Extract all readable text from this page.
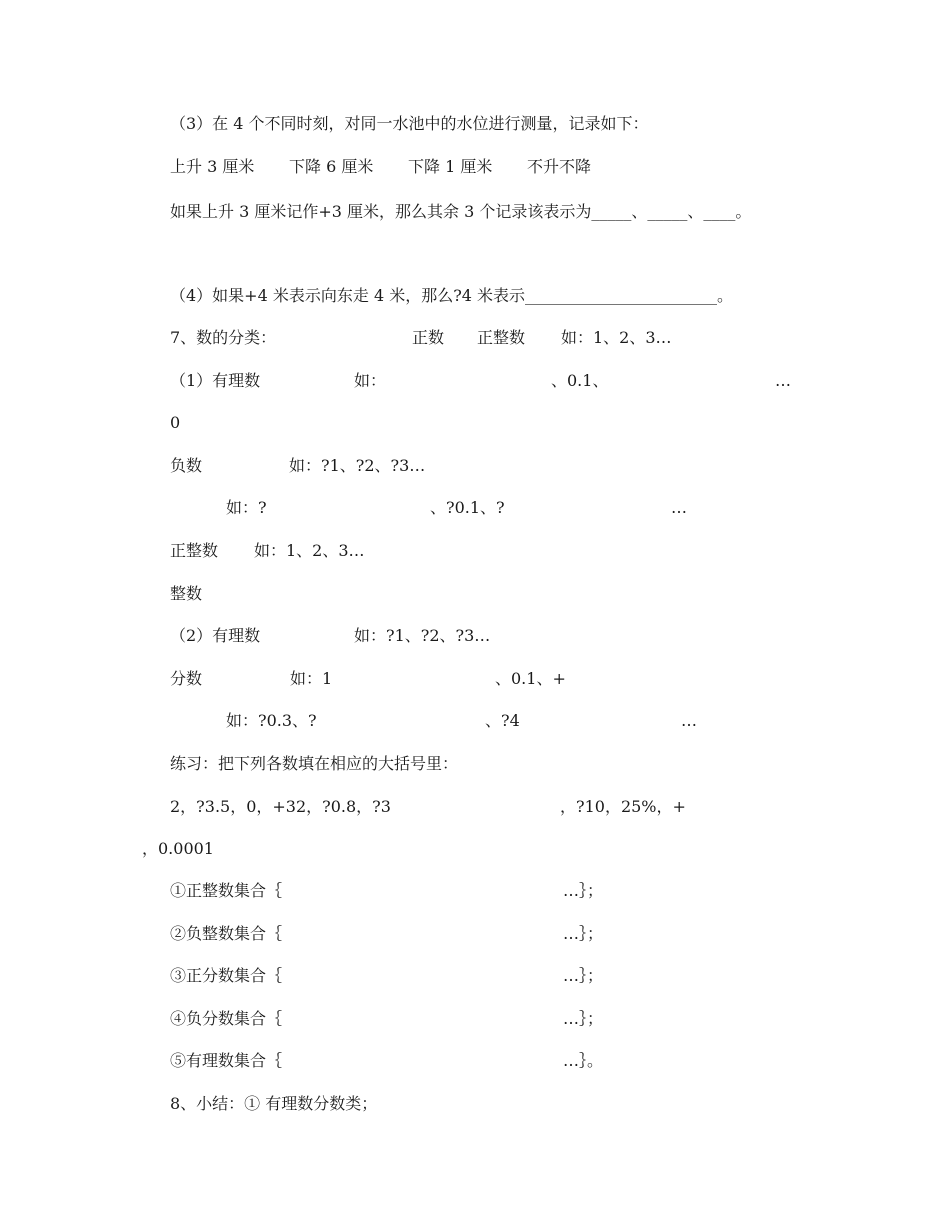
（3）在 4 个不同时刻，对同一水池中的水位进行测量，记录如下：
上升 3 厘米 下降 6 厘米 下降 1 厘米 不升不降
如果上升 3 厘米记作+3 厘米，那么其余 3 个记录该表示为_____、_____、____。
（4）如果+4 米表示向东走 4 米，那么?4 米表示________________________。
7、数的分类：	正数 正整数 如：1、2、3…
（1）有理数	如：	、0.1、	…
0
负数	如：?1、?2、?3…
如：?	、?0.1、?	…
正整数 如：1、2、3…
整数
（2）有理数	如：?1、?2、?3…
分数	如：1	、0.1、+
如：?0.3、?	、?4	…
练习：把下列各数填在相应的大括号里：
2，?3.5，0，+32，?0.8，?3	，?10，25%，+
，0.0001
①正整数集合｛	…｝；
②负整数集合｛	…｝；
③正分数集合｛	…｝；
④负分数集合｛	…｝；
⑤有理数集合｛	…｝。
8、小结：① 有理数分数类；
